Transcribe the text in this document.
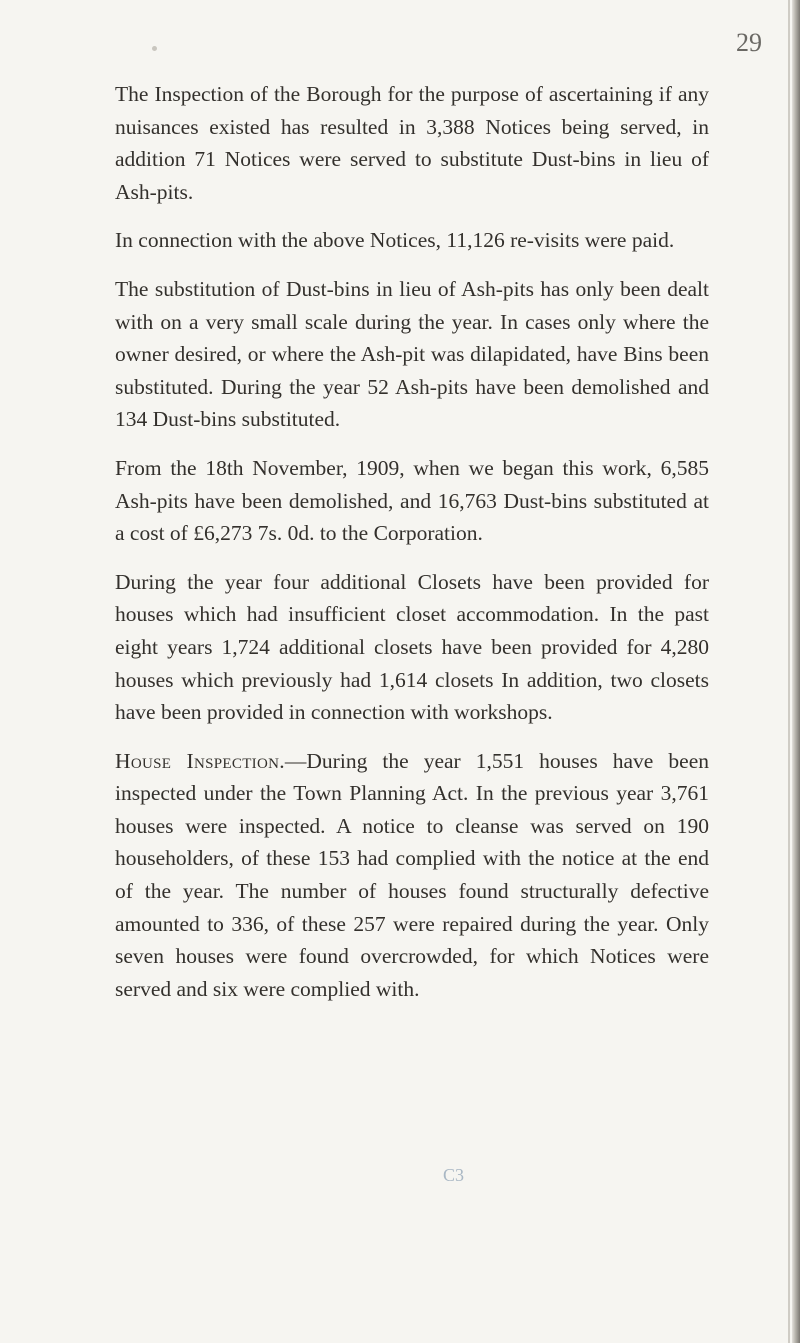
29

The Inspection of the Borough for the purpose of ascertaining if any nuisances existed has resulted in 3,388 Notices being served, in addition 71 Notices were served to substitute Dust-bins in lieu of Ash-pits.

In connection with the above Notices, 11,126 re-visits were paid.

The substitution of Dust-bins in lieu of Ash-pits has only been dealt with on a very small scale during the year. In cases only where the owner desired, or where the Ash-pit was dilapidated, have Bins been substituted. During the year 52 Ash-pits have been demolished and 134 Dust-bins substituted.

From the 18th November, 1909, when we began this work, 6,585 Ash-pits have been demolished, and 16,763 Dust-bins substituted at a cost of £6,273 7s. 0d. to the Corporation.

During the year four additional Closets have been provided for houses which had insufficient closet accommodation. In the past eight years 1,724 additional closets have been provided for 4,280 houses which previously had 1,614 closets In addition, two closets have been provided in connection with workshops.

House Inspection.—During the year 1,551 houses have been inspected under the Town Planning Act. In the previous year 3,761 houses were inspected. A notice to cleanse was served on 190 householders, of these 153 had complied with the notice at the end of the year. The number of houses found structurally defective amounted to 336, of these 257 were repaired during the year. Only seven houses were found overcrowded, for which Notices were served and six were complied with.

C3
